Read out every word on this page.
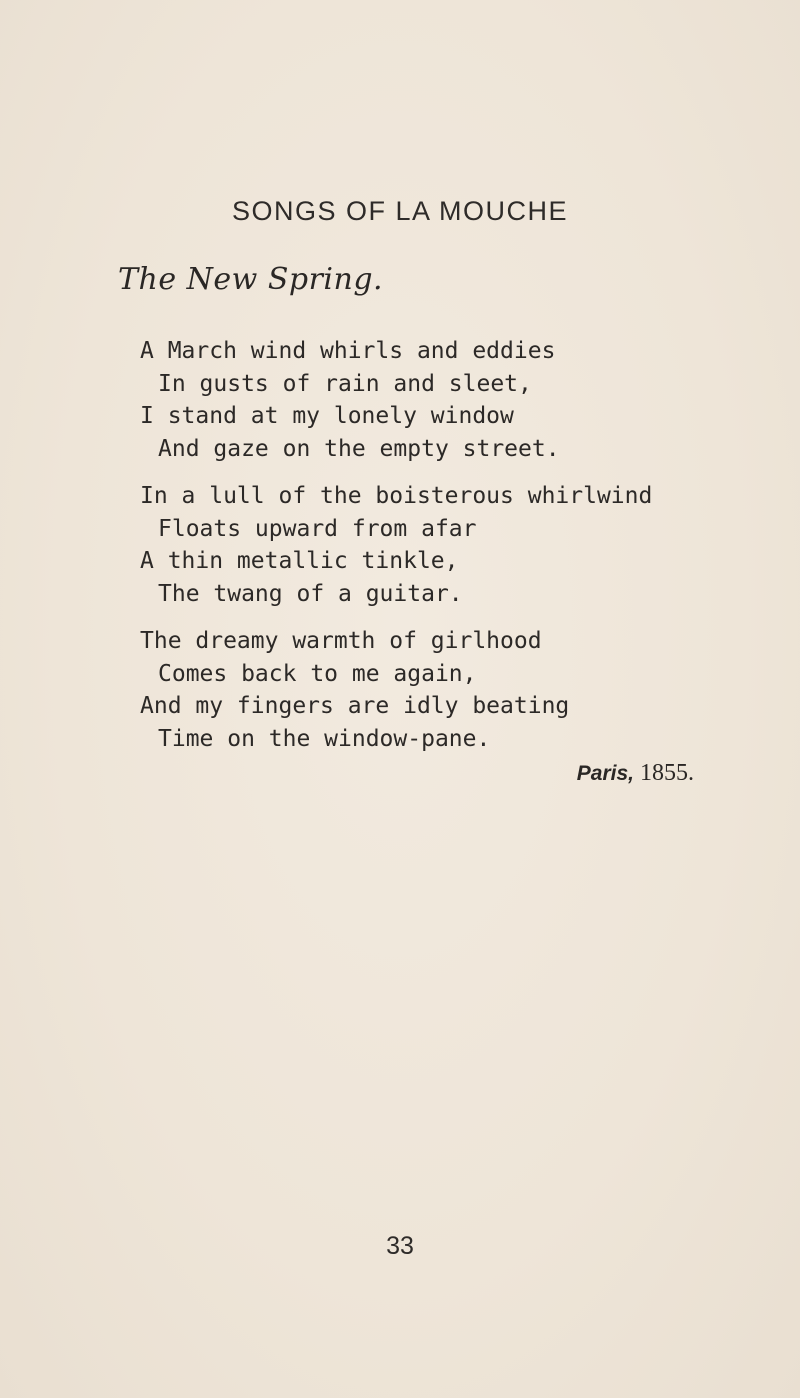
SONGS OF LA MOUCHE
The New Spring.
A March wind whirls and eddies
In gusts of rain and sleet,
I stand at my lonely window
And gaze on the empty street.
In a lull of the boisterous whirlwind
Floats upward from afar
A thin metallic tinkle,
The twang of a guitar.
The dreamy warmth of girlhood
Comes back to me again,
And my fingers are idly beating
Time on the window-pane.
Paris, 1855.
33
